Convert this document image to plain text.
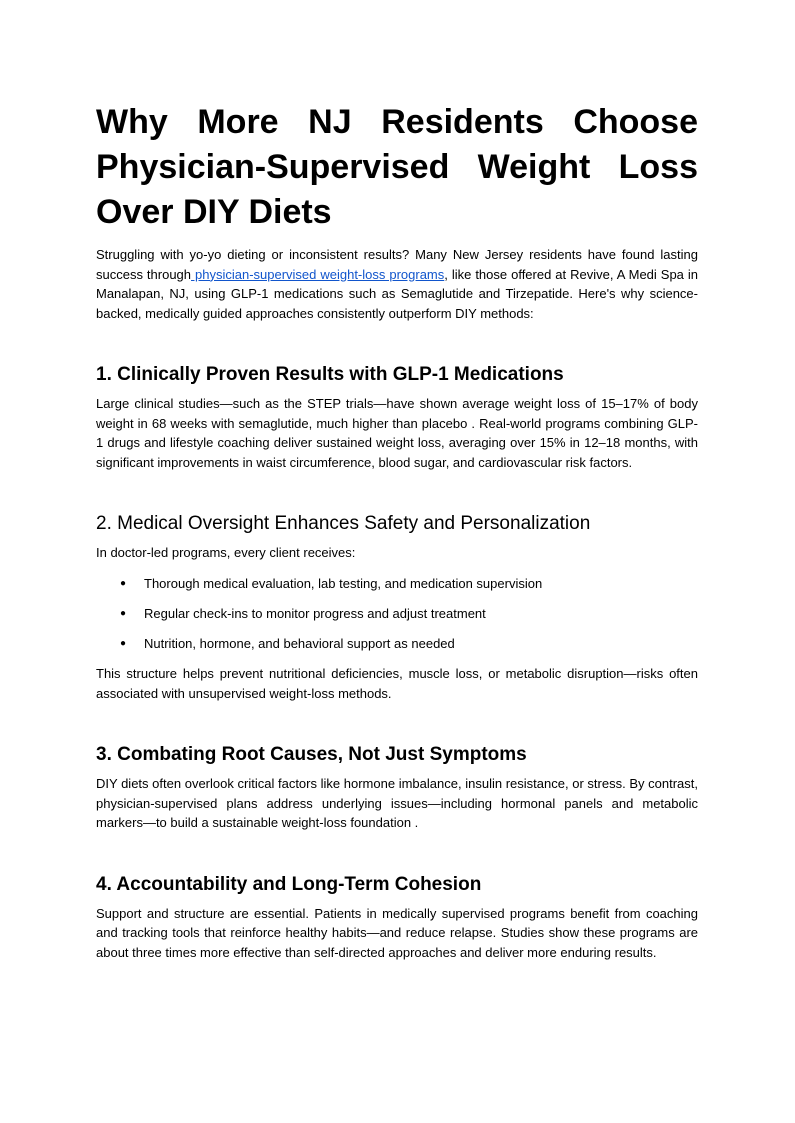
Why More NJ Residents Choose
Physician-Supervised Weight Loss
Over DIY Diets

Struggling with yo-yo dieting or inconsistent results? Many New Jersey residents have found lasting success through physician-supervised weight-loss programs, like those offered at Revive, A Medi Spa in Manalapan, NJ, using GLP-1 medications such as Semaglutide and Tirzepatide. Here's why science-backed, medically guided approaches consistently outperform DIY methods:

1. Clinically Proven Results with GLP-1 Medications

Large clinical studies—such as the STEP trials—have shown average weight loss of 15–17% of body weight in 68 weeks with semaglutide, much higher than placebo . Real-world programs combining GLP-1 drugs and lifestyle coaching deliver sustained weight loss, averaging over 15% in 12–18 months, with significant improvements in waist circumference, blood sugar, and cardiovascular risk factors.

2. Medical Oversight Enhances Safety and Personalization

In doctor-led programs, every client receives:

● Thorough medical evaluation, lab testing, and medication supervision
● Regular check-ins to monitor progress and adjust treatment
● Nutrition, hormone, and behavioral support as needed

This structure helps prevent nutritional deficiencies, muscle loss, or metabolic disruption—risks often associated with unsupervised weight-loss methods.

3. Combating Root Causes, Not Just Symptoms

DIY diets often overlook critical factors like hormone imbalance, insulin resistance, or stress. By contrast, physician-supervised plans address underlying issues—including hormonal panels and metabolic markers—to build a sustainable weight-loss foundation .

4. Accountability and Long-Term Cohesion

Support and structure are essential. Patients in medically supervised programs benefit from coaching and tracking tools that reinforce healthy habits—and reduce relapse. Studies show these programs are about three times more effective than self-directed approaches and deliver more enduring results.
